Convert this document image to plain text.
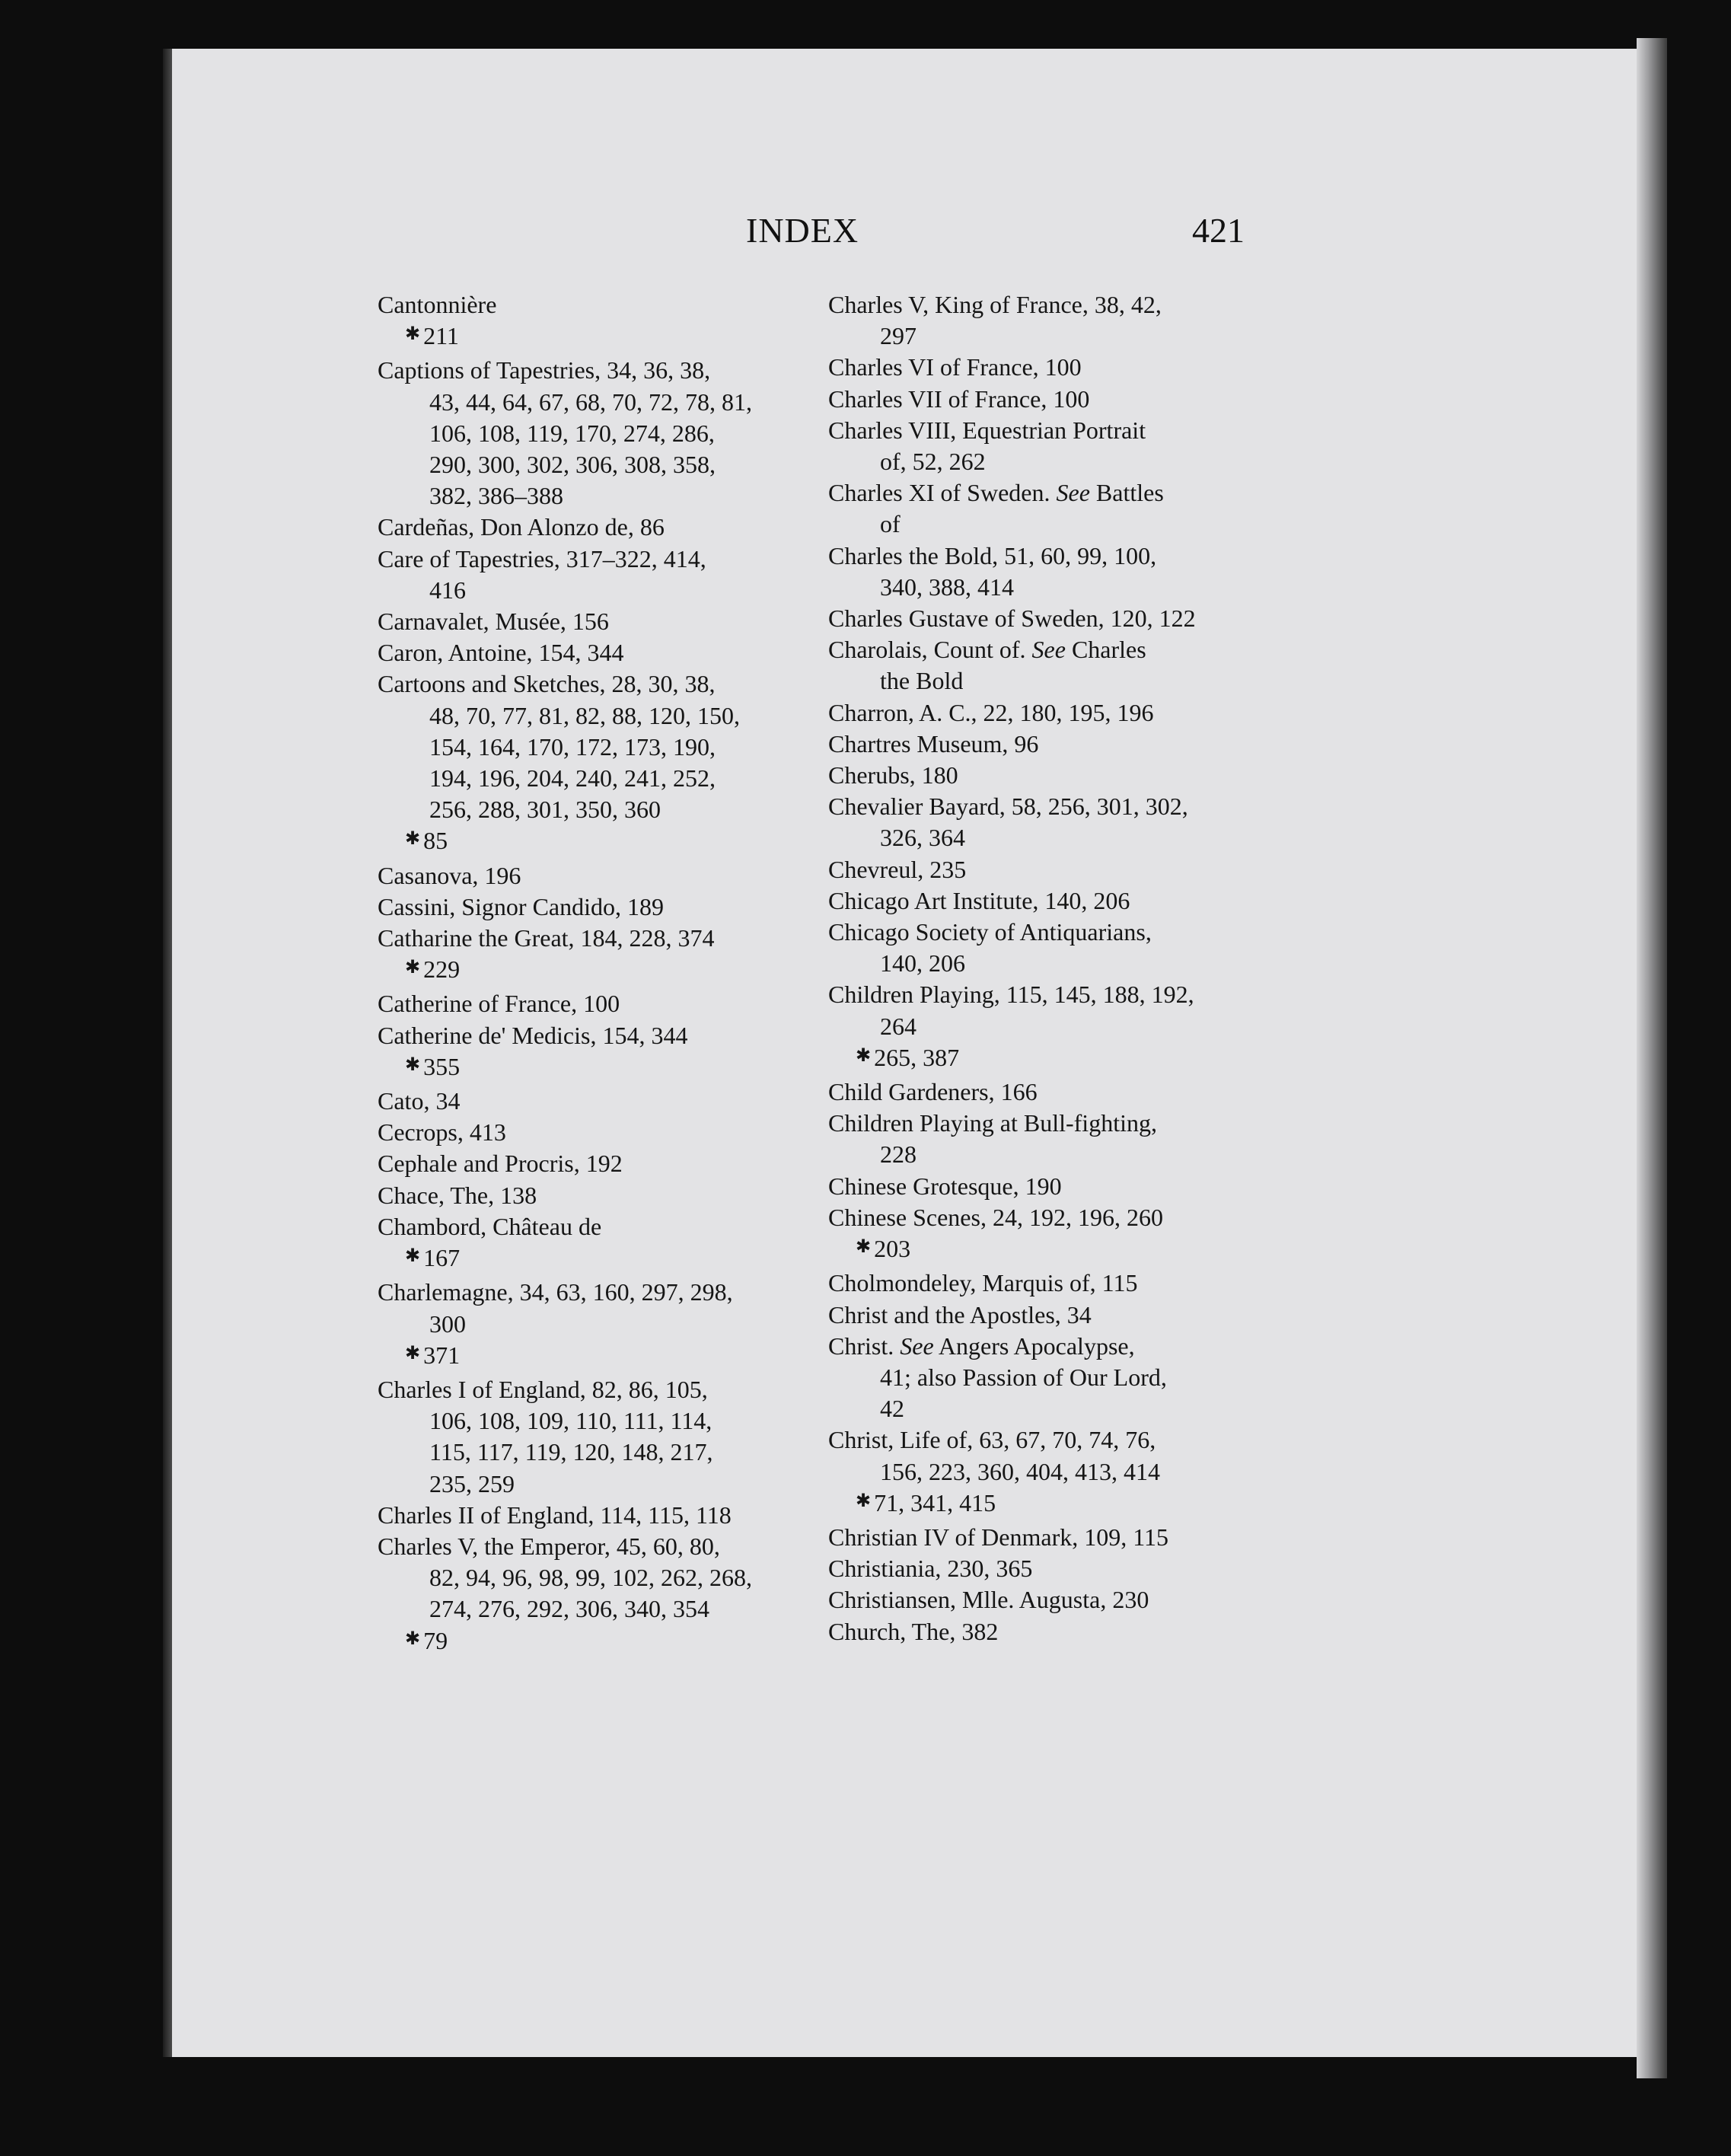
INDEX	421
Cantonnière
✱ 211
Captions of Tapestries, 34, 36, 38,
43, 44, 64, 67, 68, 70, 72, 78, 81,
106, 108, 119, 170, 274, 286,
290, 300, 302, 306, 308, 358,
382, 386–388
Cardeñas, Don Alonzo de, 86
Care of Tapestries, 317–322, 414,
416
Carnavalet, Musée, 156
Caron, Antoine, 154, 344
Cartoons and Sketches, 28, 30, 38,
48, 70, 77, 81, 82, 88, 120, 150,
154, 164, 170, 172, 173, 190,
194, 196, 204, 240, 241, 252,
256, 288, 301, 350, 360
✱ 85
Casanova, 196
Cassini, Signor Candido, 189
Catharine the Great, 184, 228, 374
✱ 229
Catherine of France, 100
Catherine de' Medicis, 154, 344
✱ 355
Cato, 34
Cecrops, 413
Cephale and Procris, 192
Chace, The, 138
Chambord, Château de
✱ 167
Charlemagne, 34, 63, 160, 297, 298,
300
✱ 371
Charles I of England, 82, 86, 105,
106, 108, 109, 110, 111, 114,
115, 117, 119, 120, 148, 217,
235, 259
Charles II of England, 114, 115, 118
Charles V, the Emperor, 45, 60, 80,
82, 94, 96, 98, 99, 102, 262, 268,
274, 276, 292, 306, 340, 354
✱ 79
Charles V, King of France, 38, 42,
297
Charles VI of France, 100
Charles VII of France, 100
Charles VIII, Equestrian Portrait
of, 52, 262
Charles XI of Sweden. See Battles
of
Charles the Bold, 51, 60, 99, 100,
340, 388, 414
Charles Gustave of Sweden, 120, 122
Charolais, Count of. See Charles
the Bold
Charron, A. C., 22, 180, 195, 196
Chartres Museum, 96
Cherubs, 180
Chevalier Bayard, 58, 256, 301, 302,
326, 364
Chevreul, 235
Chicago Art Institute, 140, 206
Chicago Society of Antiquarians,
140, 206
Children Playing, 115, 145, 188, 192,
264
✱ 265, 387
Child Gardeners, 166
Children Playing at Bull-fighting,
228
Chinese Grotesque, 190
Chinese Scenes, 24, 192, 196, 260
✱ 203
Cholmondeley, Marquis of, 115
Christ and the Apostles, 34
Christ. See Angers Apocalypse,
41; also Passion of Our Lord,
42
Christ, Life of, 63, 67, 70, 74, 76,
156, 223, 360, 404, 413, 414
✱ 71, 341, 415
Christian IV of Denmark, 109, 115
Christiania, 230, 365
Christiansen, Mlle. Augusta, 230
Church, The, 382
